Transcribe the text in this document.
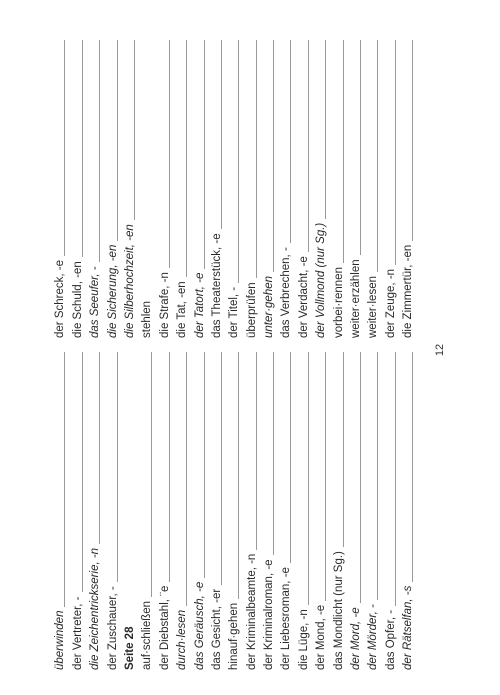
überwinden der Vertreter, - die Zeichentrickserie, -n der Zuschauer, - Seite 28 auf·schließen der Diebstahl, ¨e durch·lesen das Geräusch, -e das Gesicht, -er hinauf·gehen der Kriminalbeamte, -n der Kriminalroman, -e der Liebesroman, -e die Lüge, -n der Mond, -e das Mondlicht (nur Sg.) der Mord, -e der Mörder, - das Opfer, - der Rätselfan, -s
der Schreck, -e die Schuld, -en das Seeufer, - die Sicherung, -en die Silberhochzeit, -en stehlen die Strafe, -n die Tat, -en der Tatort, -e das Theaterstück, -e der Titel, - überprüfen unter·gehen das Verbrechen, - der Verdacht, -e der Vollmond (nur Sg.) vorbei·rennen weiter·erzählen weiter·lesen der Zeuge, -n die Zimmertür, -en
12
